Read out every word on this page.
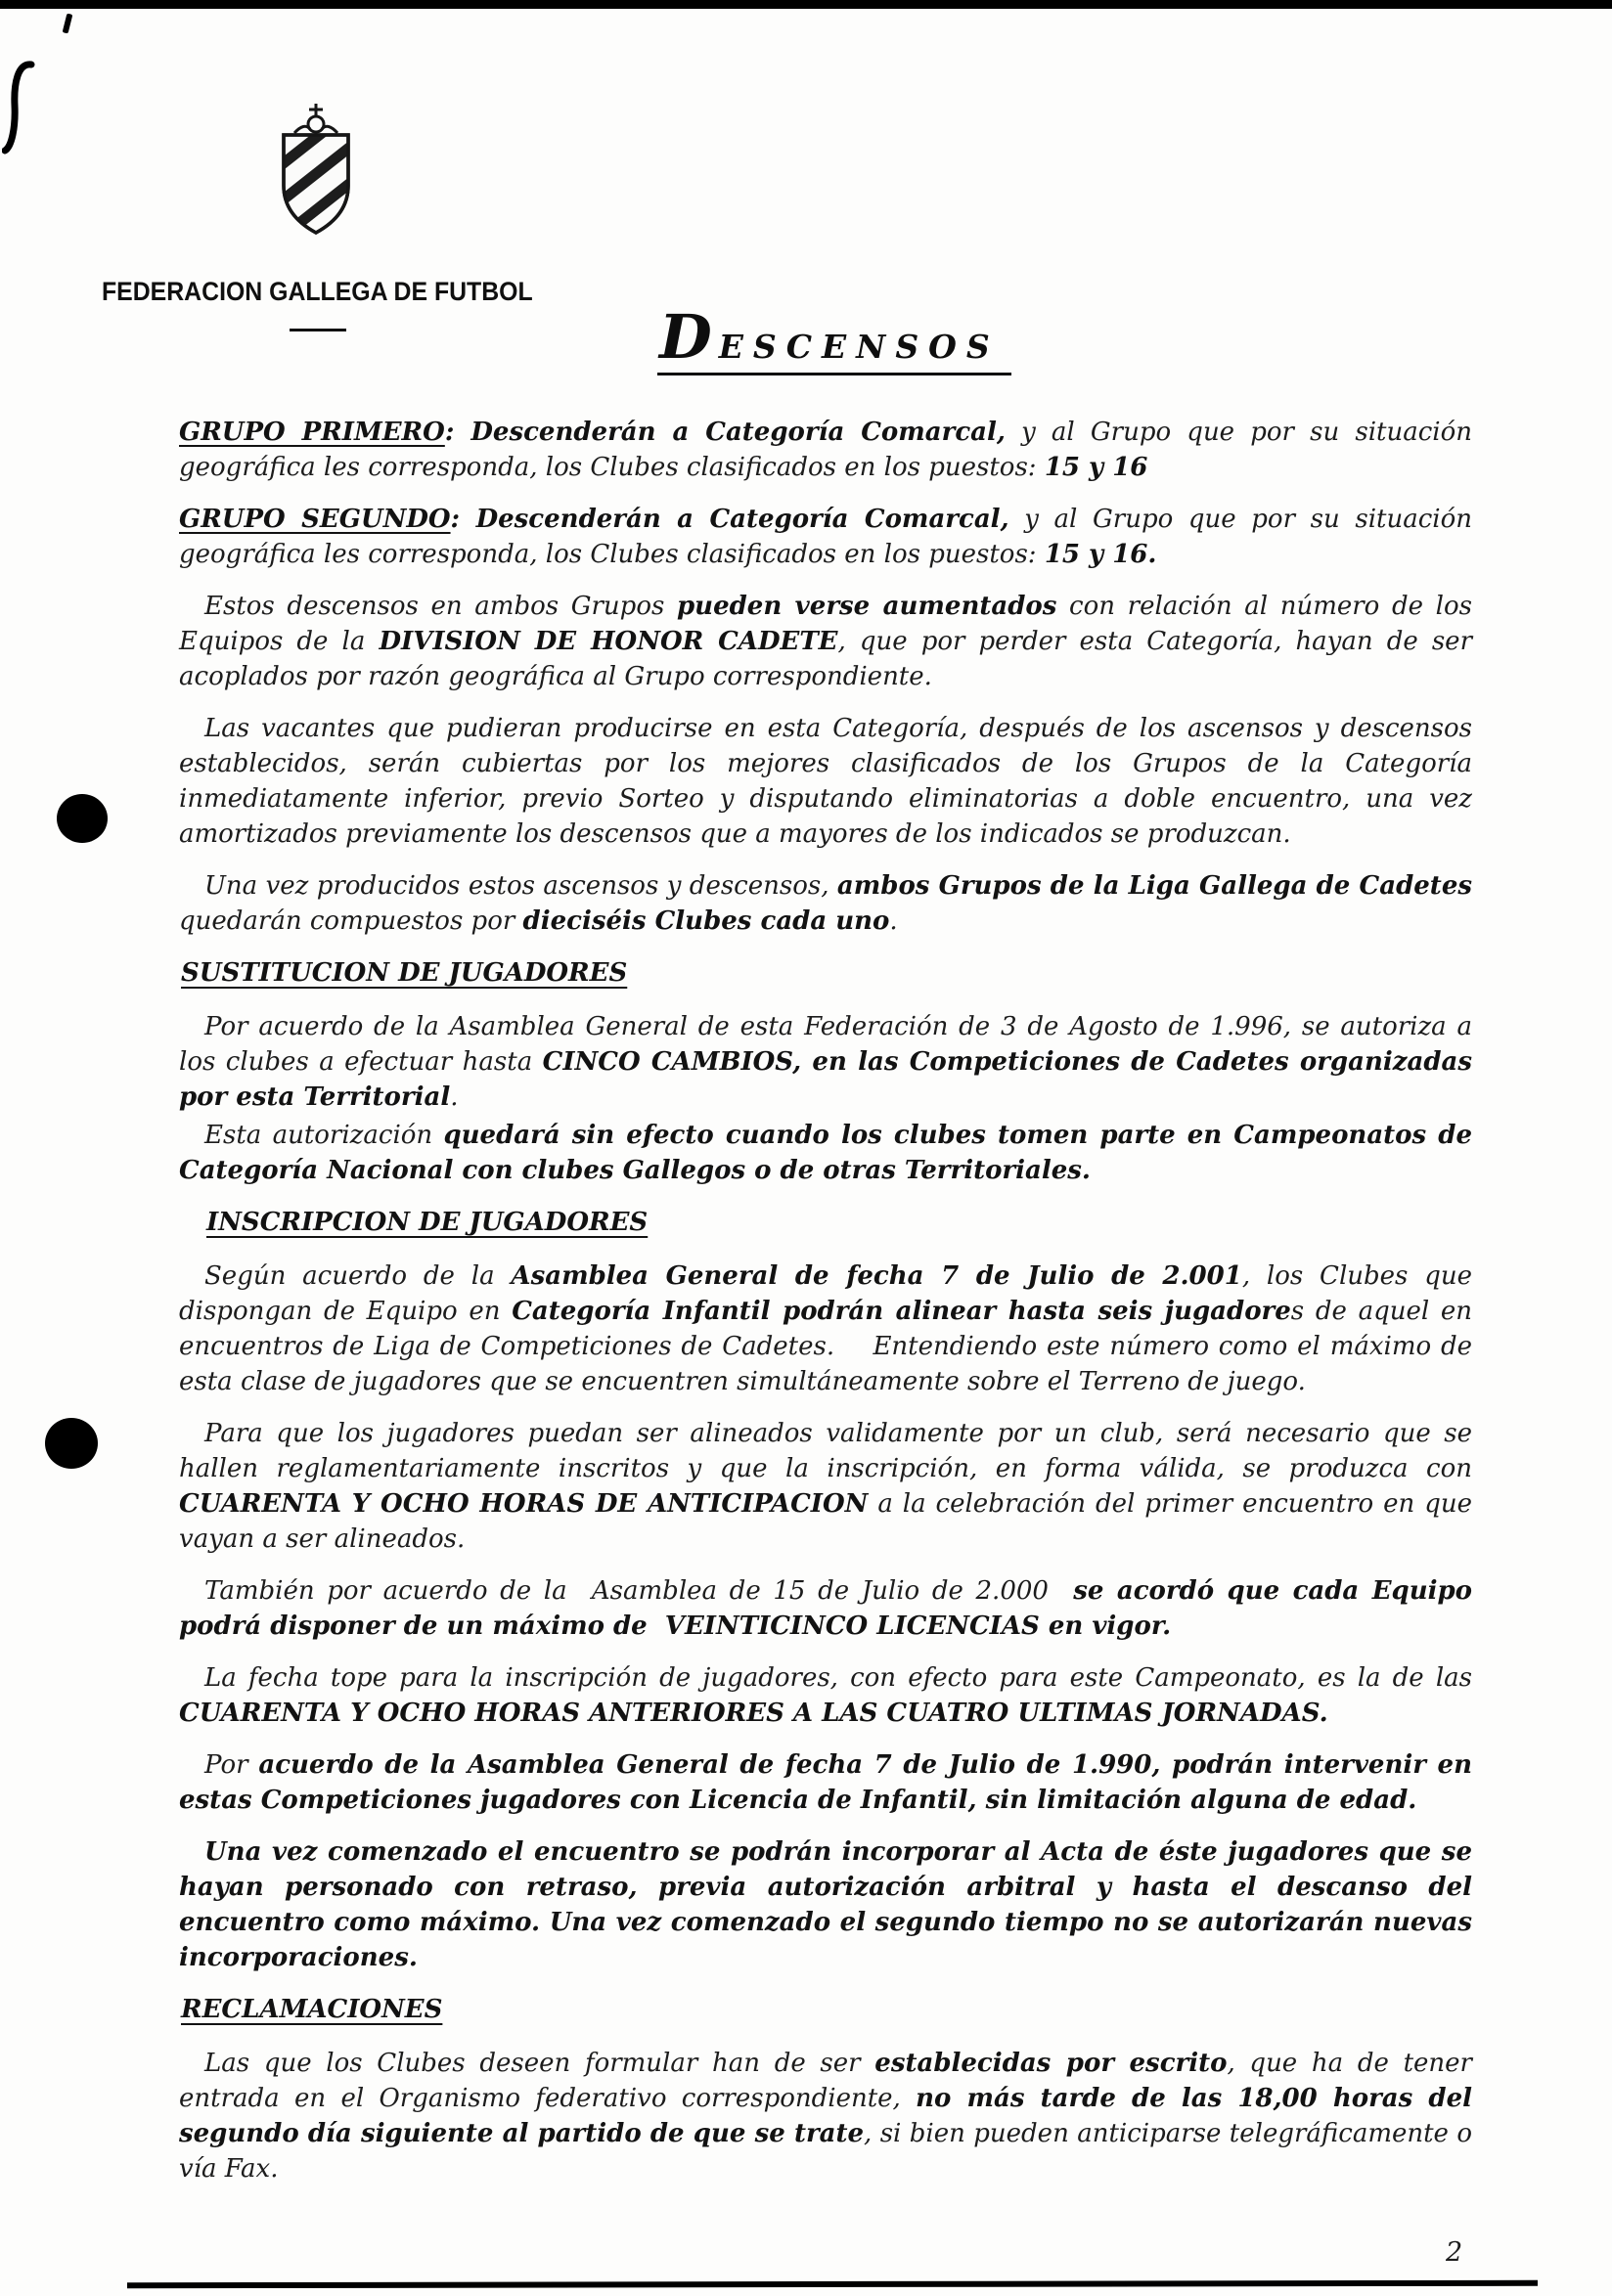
FEDERACION GALLEGA DE FUTBOL
DESCENSOS

GRUPO PRIMERO: Descenderán a Categoría Comarcal, y al Grupo que por su situación geográfica les corresponda, los Clubes clasificados en los puestos: 15 y 16

GRUPO SEGUNDO: Descenderán a Categoría Comarcal, y al Grupo que por su situación geográfica les corresponda, los Clubes clasificados en los puestos: 15 y 16.

Estos descensos en ambos Grupos pueden verse aumentados con relación al número de los Equipos de la DIVISION DE HONOR CADETE, que por perder esta Categoría, hayan de ser acoplados por razón geográfica al Grupo correspondiente.

Las vacantes que pudieran producirse en esta Categoría, después de los ascensos y descensos establecidos, serán cubiertas por los mejores clasificados de los Grupos de la Categoría inmediatamente inferior, previo Sorteo y disputando eliminatorias a doble encuentro, una vez amortizados previamente los descensos que a mayores de los indicados se produzcan.

Una vez producidos estos ascensos y descensos, ambos Grupos de la Liga Gallega de Cadetes quedarán compuestos por dieciséis Clubes cada uno.

SUSTITUCION DE JUGADORES

Por acuerdo de la Asamblea General de esta Federación de 3 de Agosto de 1.996, se autoriza a los clubes a efectuar hasta CINCO CAMBIOS, en las Competiciones de Cadetes organizadas por esta Territorial.

Esta autorización quedará sin efecto cuando los clubes tomen parte en Campeonatos de Categoría Nacional con clubes Gallegos o de otras Territoriales.

INSCRIPCION DE JUGADORES

Según acuerdo de la Asamblea General de fecha 7 de Julio de 2.001, los Clubes que dispongan de Equipo en Categoría Infantil podrán alinear hasta seis jugadores de aquel en encuentros de Liga de Competiciones de Cadetes.    Entendiendo este número como el máximo de esta clase de jugadores que se encuentren simultáneamente sobre el Terreno de juego.

Para que los jugadores puedan ser alineados validamente por un club, será necesario que se hallen reglamentariamente inscritos y que la inscripción, en forma válida, se produzca con CUARENTA Y OCHO HORAS DE ANTICIPACION a la celebración del primer encuentro en que vayan a ser alineados.

También por acuerdo de la  Asamblea de 15 de Julio de 2.000  se acordó que cada Equipo podrá disponer de un máximo de  VEINTICINCO LICENCIAS en vigor.

La fecha tope para la inscripción de jugadores, con efecto para este Campeonato, es la de las CUARENTA Y OCHO HORAS ANTERIORES A LAS CUATRO ULTIMAS JORNADAS.

Por acuerdo de la Asamblea General de fecha 7 de Julio de 1.990, podrán intervenir en estas Competiciones jugadores con Licencia de Infantil, sin limitación alguna de edad.

Una vez comenzado el encuentro se podrán incorporar al Acta de éste jugadores que se hayan personado con retraso, previa autorización arbitral y hasta el descanso del encuentro como máximo. Una vez comenzado el segundo tiempo no se autorizarán nuevas incorporaciones.

RECLAMACIONES

Las que los Clubes deseen formular han de ser establecidas por escrito, que ha de tener entrada en el Organismo federativo correspondiente, no más tarde de las 18,00 horas del segundo día siguiente al partido de que se trate, si bien pueden anticiparse telegráficamente o vía Fax.

2
